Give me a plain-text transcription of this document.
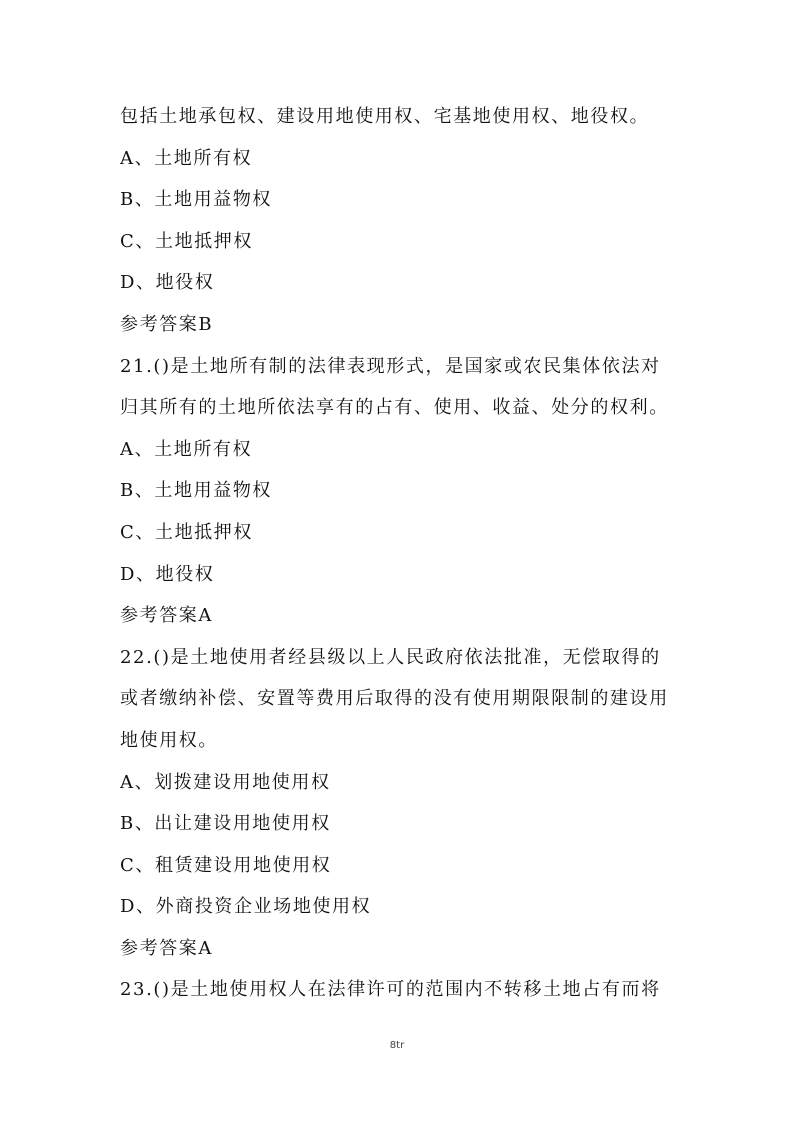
包括土地承包权、建设用地使用权、宅基地使用权、地役权。
A、土地所有权
B、土地用益物权
C、土地抵押权
D、地役权
参考答案B
21.()是土地所有制的法律表现形式，是国家或农民集体依法对
归其所有的土地所依法享有的占有、使用、收益、处分的权利。
A、土地所有权
B、土地用益物权
C、土地抵押权
D、地役权
参考答案A
22.()是土地使用者经县级以上人民政府依法批准，无偿取得的
或者缴纳补偿、安置等费用后取得的没有使用期限限制的建设用
地使用权。
A、划拨建设用地使用权
B、出让建设用地使用权
C、租赁建设用地使用权
D、外商投资企业场地使用权
参考答案A
23.()是土地使用权人在法律许可的范围内不转移土地占有而将
8tr
